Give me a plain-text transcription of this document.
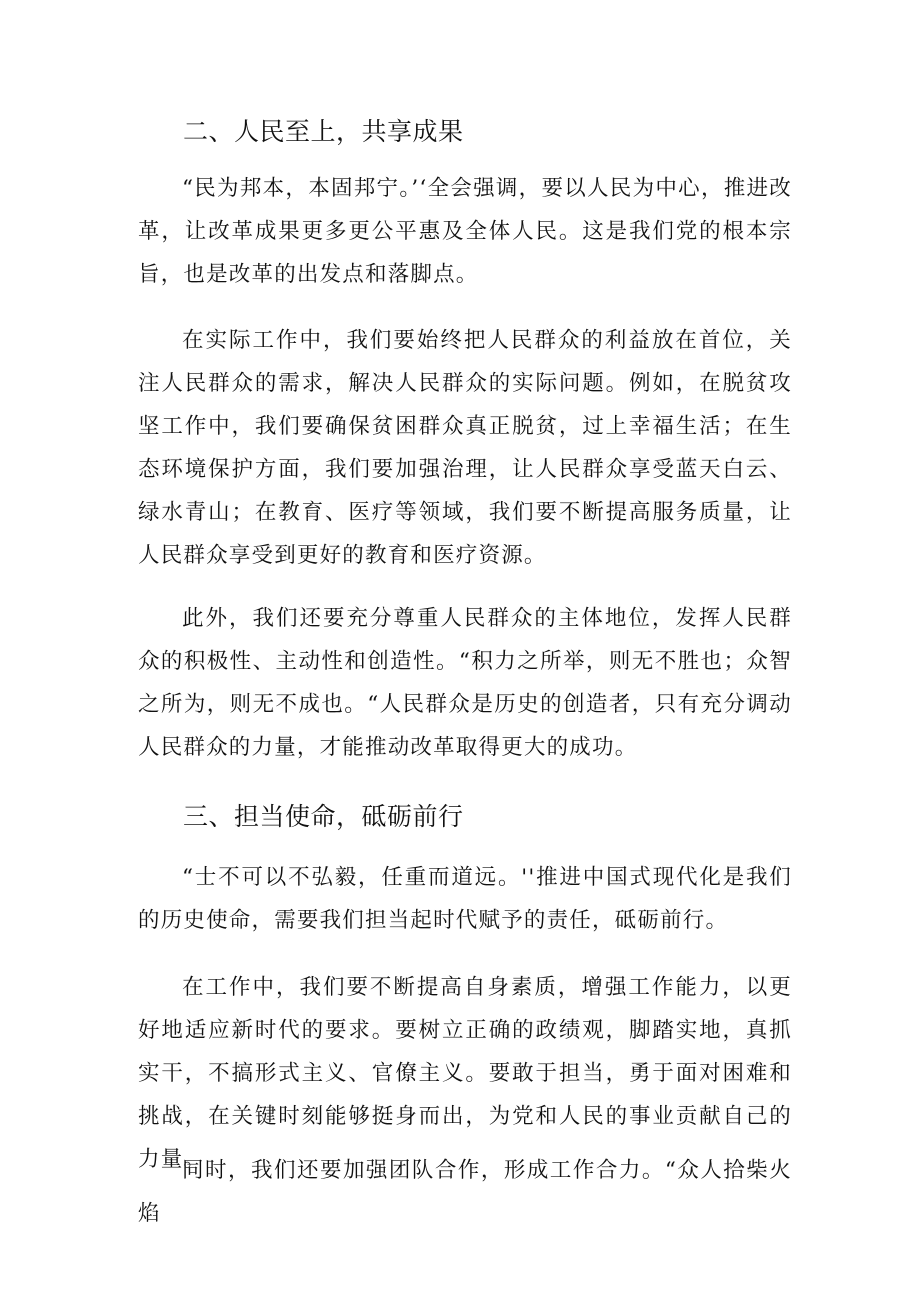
二、人民至上，共享成果

“民为邦本，本固邦宁。’‘全会强调，要以人民为中心，推进改革，让改革成果更多更公平惠及全体人民。这是我们党的根本宗旨，也是改革的出发点和落脚点。

在实际工作中，我们要始终把人民群众的利益放在首位，关注人民群众的需求，解决人民群众的实际问题。例如，在脱贫攻坚工作中，我们要确保贫困群众真正脱贫，过上幸福生活；在生态环境保护方面，我们要加强治理，让人民群众享受蓝天白云、绿水青山；在教育、医疗等领域，我们要不断提高服务质量，让人民群众享受到更好的教育和医疗资源。

此外，我们还要充分尊重人民群众的主体地位，发挥人民群众的积极性、主动性和创造性。“积力之所举，则无不胜也；众智之所为，则无不成也。“人民群众是历史的创造者，只有充分调动人民群众的力量，才能推动改革取得更大的成功。

三、担当使命，砥砺前行

“士不可以不弘毅，任重而道远。''推进中国式现代化是我们的历史使命，需要我们担当起时代赋予的责任，砥砺前行。

在工作中，我们要不断提高自身素质，增强工作能力，以更好地适应新时代的要求。要树立正确的政绩观，脚踏实地，真抓实干，不搞形式主义、官僚主义。要敢于担当，勇于面对困难和挑战，在关键时刻能够挺身而出，为党和人民的事业贡献自己的力量。

同时，我们还要加强团队合作，形成工作合力。“众人拾柴火焰
